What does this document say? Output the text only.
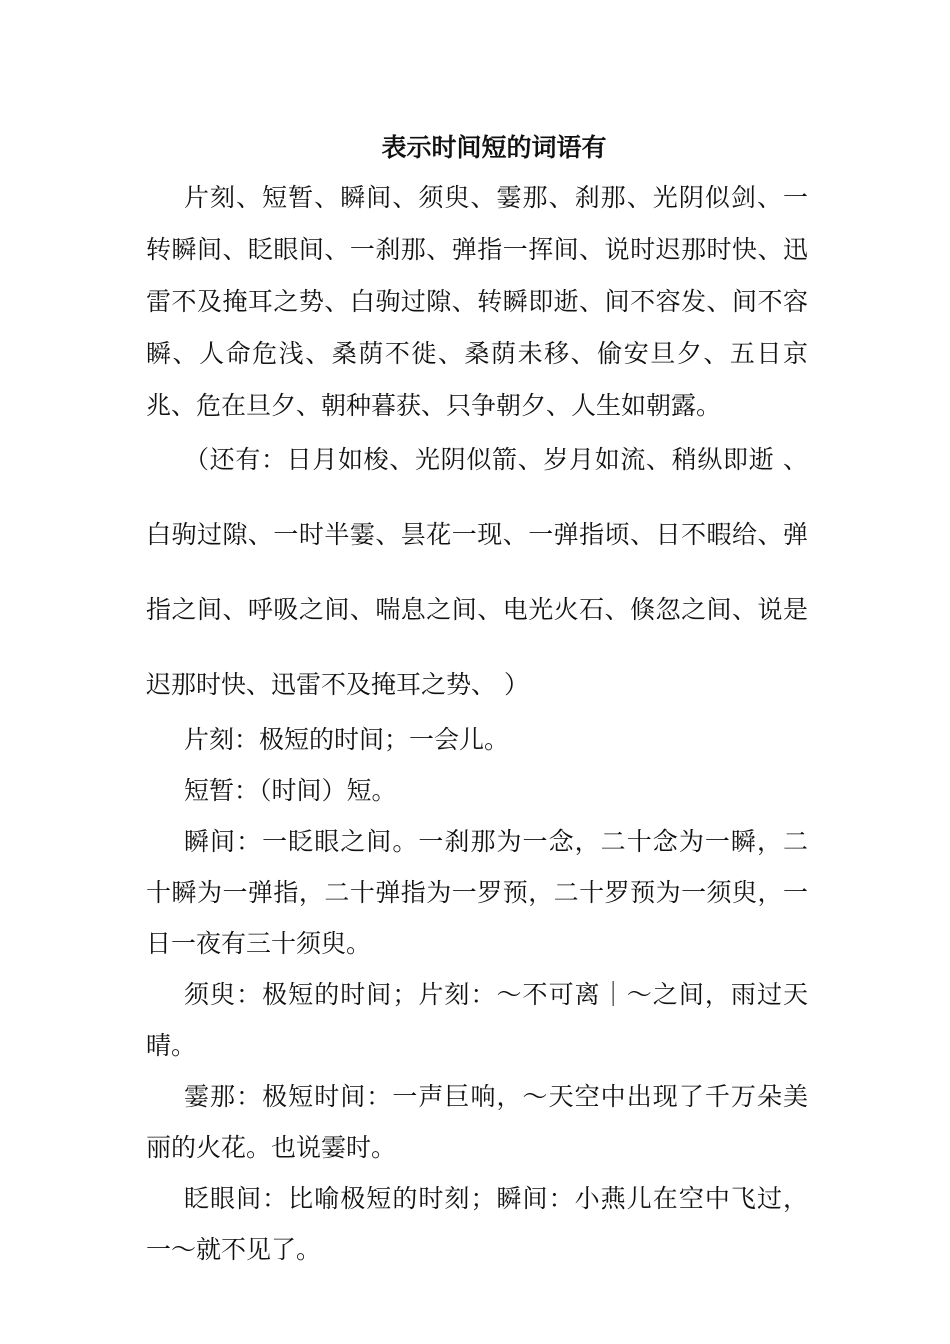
表示时间短的词语有

片刻、短暂、瞬间、须臾、霎那、刹那、光阴似剑、一转瞬间、眨眼间、一刹那、弹指一挥间、说时迟那时快、迅雷不及掩耳之势、白驹过隙、转瞬即逝、间不容发、间不容瞬、人命危浅、桑荫不徙、桑荫未移、偷安旦夕、五日京兆、危在旦夕、朝种暮获、只争朝夕、人生如朝露。

（还有：日月如梭、光阴似箭、岁月如流、稍纵即逝 、白驹过隙、一时半霎、昙花一现、一弹指顷、日不暇给、弹指之间、呼吸之间、喘息之间、电光火石、倏忽之间、说是迟那时快、迅雷不及掩耳之势、 ）

片刻：极短的时间；一会儿。

短暂：（时间）短。

瞬间：一眨眼之间。一刹那为一念，二十念为一瞬，二十瞬为一弹指，二十弹指为一罗预，二十罗预为一须臾，一日一夜有三十须臾。

须臾：极短的时间；片刻：～不可离｜～之间，雨过天晴。

霎那：极短时间：一声巨响，～天空中出现了千万朵美丽的火花。也说霎时。

眨眼间：比喻极短的时刻；瞬间：小燕儿在空中飞过，一～就不见了。
